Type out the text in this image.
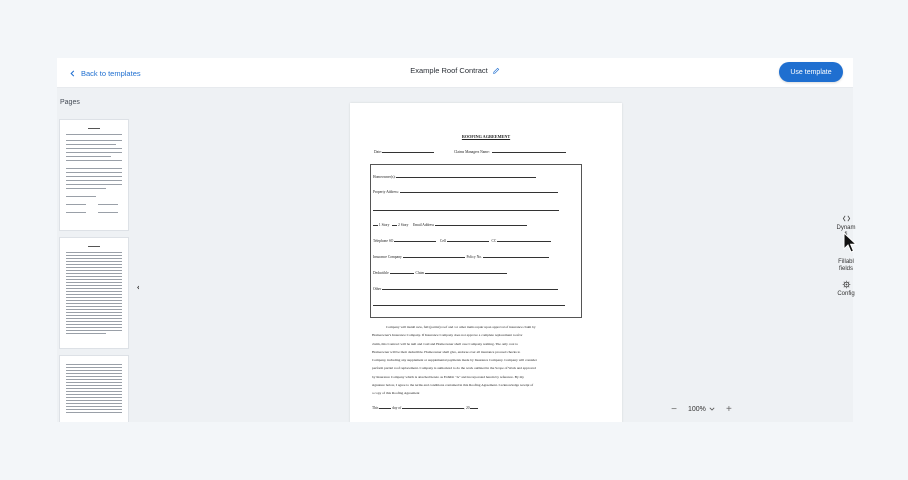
Back to templates	Example Roof Contract	Use template
Pages
ROOFING AGREEMENT
Date:	Claims Managers Name:
Homeowner(s):
Property Address:
1 Story 2 Story Email Address
Telephone SO	Cell	CC
Insurance Company	Policy No.
Deductible	Claim
Other
Company will install new, full (partial) roof and /or other items repair upon approval of insurance claim by
Homeowner's Insurance Company. If Insurance Company does not approve a complete replacement roof/or
claim, this Contract will be null and void and Homeowner shall owe Company nothing. The only cost to
Homeowner will be their deductible. Homeowner shall give, endorse over all insurance proceed checks to
Company, including any supplement or supplemental payments made by Insurance Company. Company will consider
perform partial roof replacement. Company is authorized to do the work outlined in the Scope of Work and approved
by Insurance Company which is attached hereto as Exhibit "A" and incorporated herein by reference. By my
signature below, I agree to the terms and conditions contained in this Roofing Agreement. I acknowledge receipt of
a copy of this Roofing Agreement
This	day of	, 20	−	100%	+
Dynam
Fillabl
fields
Config
